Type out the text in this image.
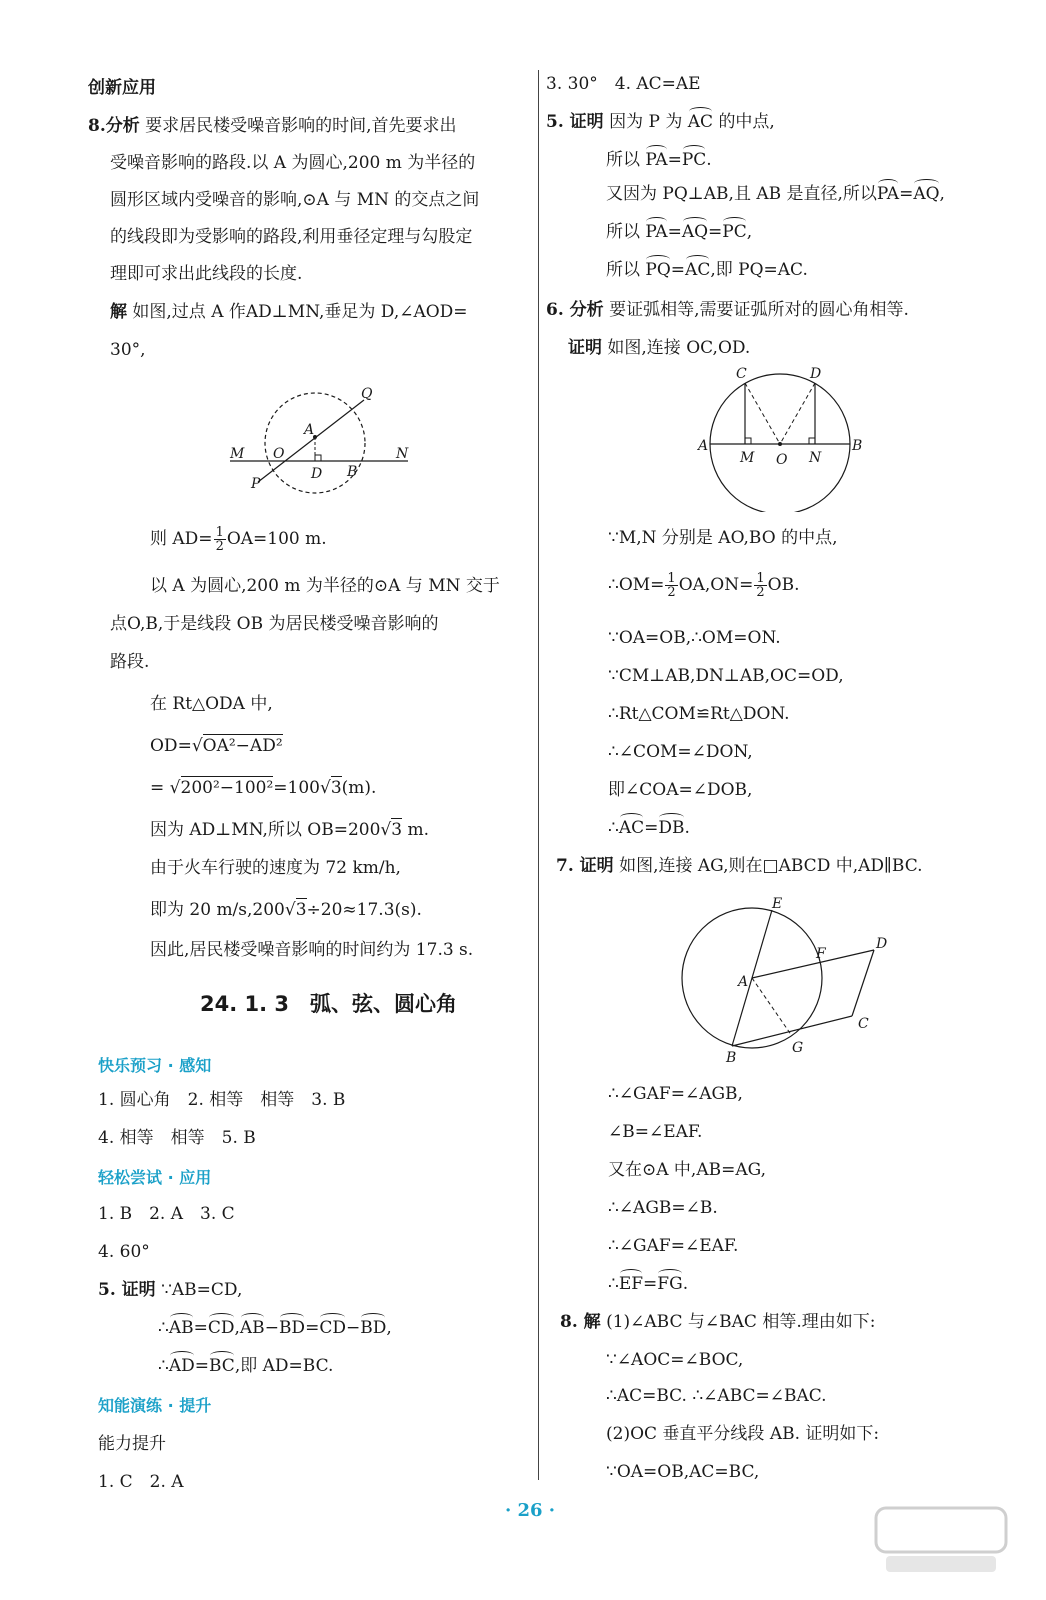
创新应用
8.分析 要求居民楼受噪音影响的时间,首先要求出
受噪音影响的路段.以 A 为圆心,200 m 为半径的
圆形区域内受噪音的影响,⊙A 与 MN 的交点之间
的线段即为受影响的路段,利用垂径定理与勾股定
理即可求出此线段的长度.
解 如图,过点 A 作AD⊥MN,垂足为 D,∠AOD=
30°,
Q
A
M O
D B
N
P
则 $AD= \frac{1}{2} OA=100$ m.
以 A 为圆心,200 m 为半径的⊙A 与 MN 交于
点O,B,于是线段 OB 为居民楼受噪音影响的
路段.
在 Rt△ODA 中,
OD=√OA²−AD²
= √200²−100²=100√3(m).
因为 AD⊥MN,所以 OB=200√3 m.
由于火车行驶的速度为 72 km/h,
即为 20 m/s,200√3÷20≈17.3(s).
因此,居民楼受噪音影响的时间约为 17.3 s.
24. 1. 3　弧、弦、圆心角
快乐预习 · 感知
1. 圆心角　2. 相等　相等　3. B
4. 相等　相等　5. B
轻松尝试 · 应用
1. B　2. A　3. C
4. 60°
5. 证明 ∵AB=CD,
∴AB=CD,AB−BD=CD−BD,
∴AD=BC,即 AD=BC.
知能演练 · 提升
能力提升
1. C　2. A
3. 30°　4. AC=AE
5. 证明 因为 P 为 AC 的中点,
所以 PA=PC.
又因为 PQ⊥AB,且 AB 是直径,所以PA=AQ,
所以 PA=AQ=PC,
所以 PQ=AC,即 PQ=AC.
6. 分析 要证弧相等,需要证弧所对的圆心角相等.
证明 如图,连接 OC,OD.
C	D
A
M O N
B
∵M,N 分别是 AO,BO 的中点,
∴OM= $\frac{1}{2} OA,ON= \frac{1}{2}$ OB.
∵OA=OB,∴OM=ON.
∵CM⊥AB,DN⊥AB,OC=OD,
∴Rt△COM≌Rt△DON.
∴∠COM=∠DON,
即∠COA=∠DOB,
∴AC=DB.
7. 证明 如图,连接 AG,则在□ABCD 中,AD∥BC.
E
D
F
A
C
B
G
∴∠GAF=∠AGB,
∠B=∠EAF.
又在⊙A 中,AB=AG,
∴∠AGB=∠B.
∴∠GAF=∠EAF.
∴EF=FG.
8. 解 (1)∠ABC 与∠BAC 相等.理由如下:
∵∠AOC=∠BOC,
∴AC=BC. ∴∠ABC=∠BAC.
(2)OC 垂直平分线段 AB. 证明如下:
∵OA=OB,AC=BC,
· 26 ·
